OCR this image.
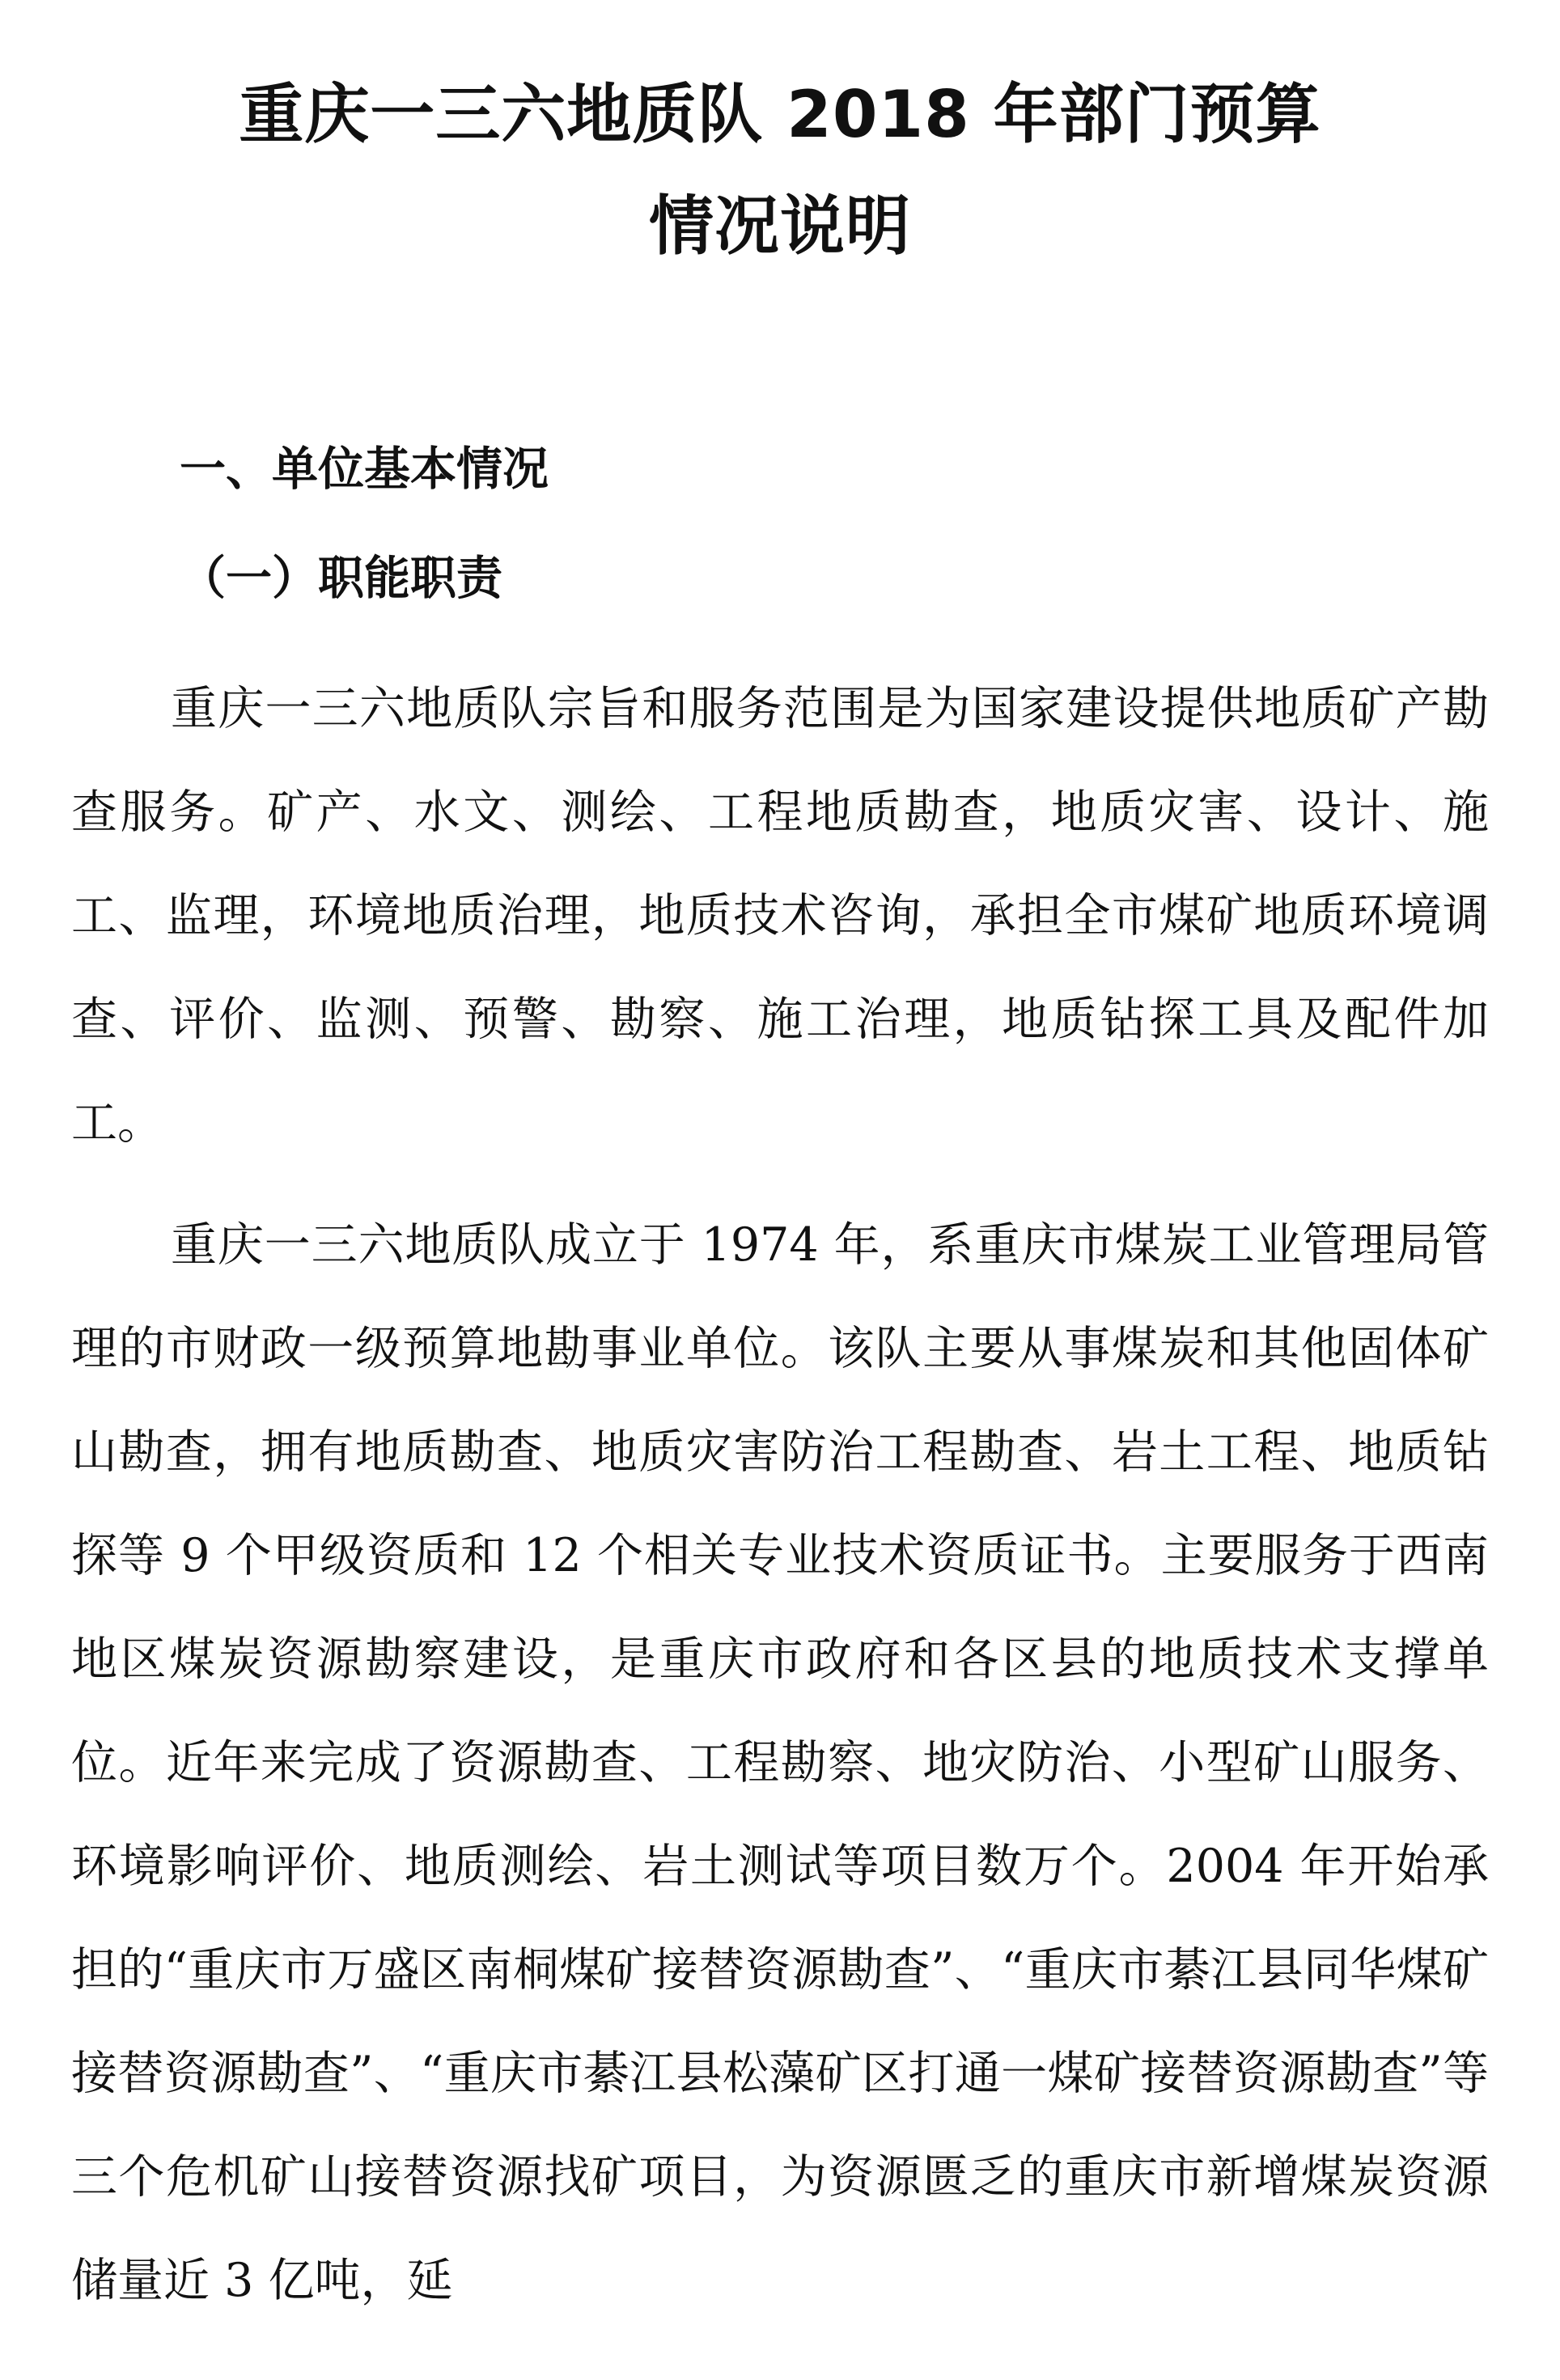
重庆一三六地质队 2018 年部门预算
情况说明
一、单位基本情况
（一）职能职责

重庆一三六地质队宗旨和服务范围是为国家建设提供地质矿产勘查服务。矿产、水文、测绘、工程地质勘查，地质灾害、设计、施工、监理，环境地质治理，地质技术咨询，承担全市煤矿地质环境调查、评价、监测、预警、勘察、施工治理，地质钻探工具及配件加工。

重庆一三六地质队成立于 1974 年，系重庆市煤炭工业管理局管理的市财政一级预算地勘事业单位。该队主要从事煤炭和其他固体矿山勘查，拥有地质勘查、地质灾害防治工程勘查、岩土工程、地质钻探等 9 个甲级资质和 12 个相关专业技术资质证书。主要服务于西南地区煤炭资源勘察建设，是重庆市政府和各区县的地质技术支撑单位。近年来完成了资源勘查、工程勘察、地灾防治、小型矿山服务、环境影响评价、地质测绘、岩土测试等项目数万个。2004 年开始承担的“重庆市万盛区南桐煤矿接替资源勘查”、“重庆市綦江县同华煤矿接替资源勘查”、“重庆市綦江县松藻矿区打通一煤矿接替资源勘查”等三个危机矿山接替资源找矿项目，为资源匮乏的重庆市新增煤炭资源储量近 3 亿吨，延
